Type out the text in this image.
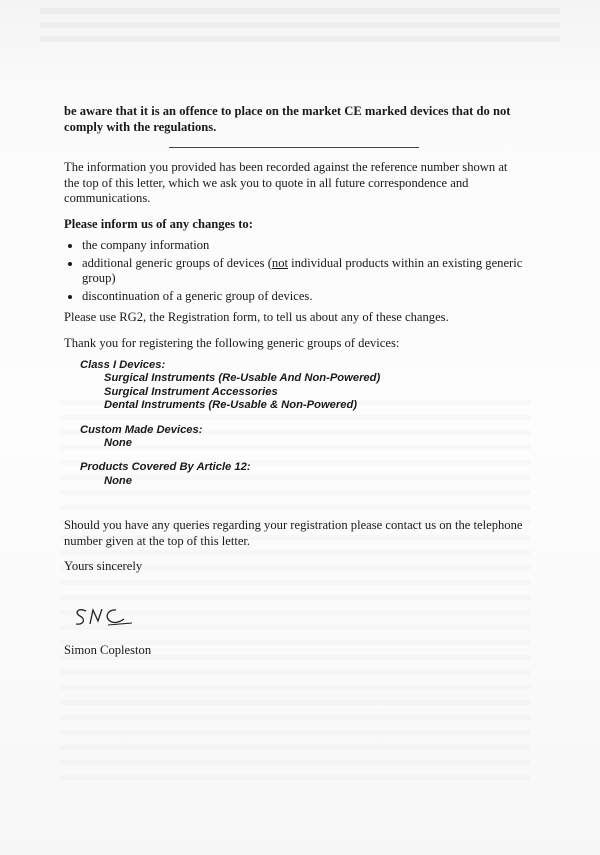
be aware that it is an offence to place on the market CE marked devices that do not comply with the regulations.

The information you provided has been recorded against the reference number shown at the top of this letter, which we ask you to quote in all future correspondence and communications.

Please inform us of any changes to:

• the company information
• additional generic groups of devices (not individual products within an existing generic group)
• discontinuation of a generic group of devices.

Please use RG2, the Registration form, to tell us about any of these changes.

Thank you for registering the following generic groups of devices:

Class I Devices:
Surgical Instruments (Re-Usable And Non-Powered)
Surgical Instrument Accessories
Dental Instruments (Re-Usable & Non-Powered)
Custom Made Devices:
None
Products Covered By Article 12:
None

Should you have any queries regarding your registration please contact us on the telephone number given at the top of this letter.

Yours sincerely

Simon Copleston
